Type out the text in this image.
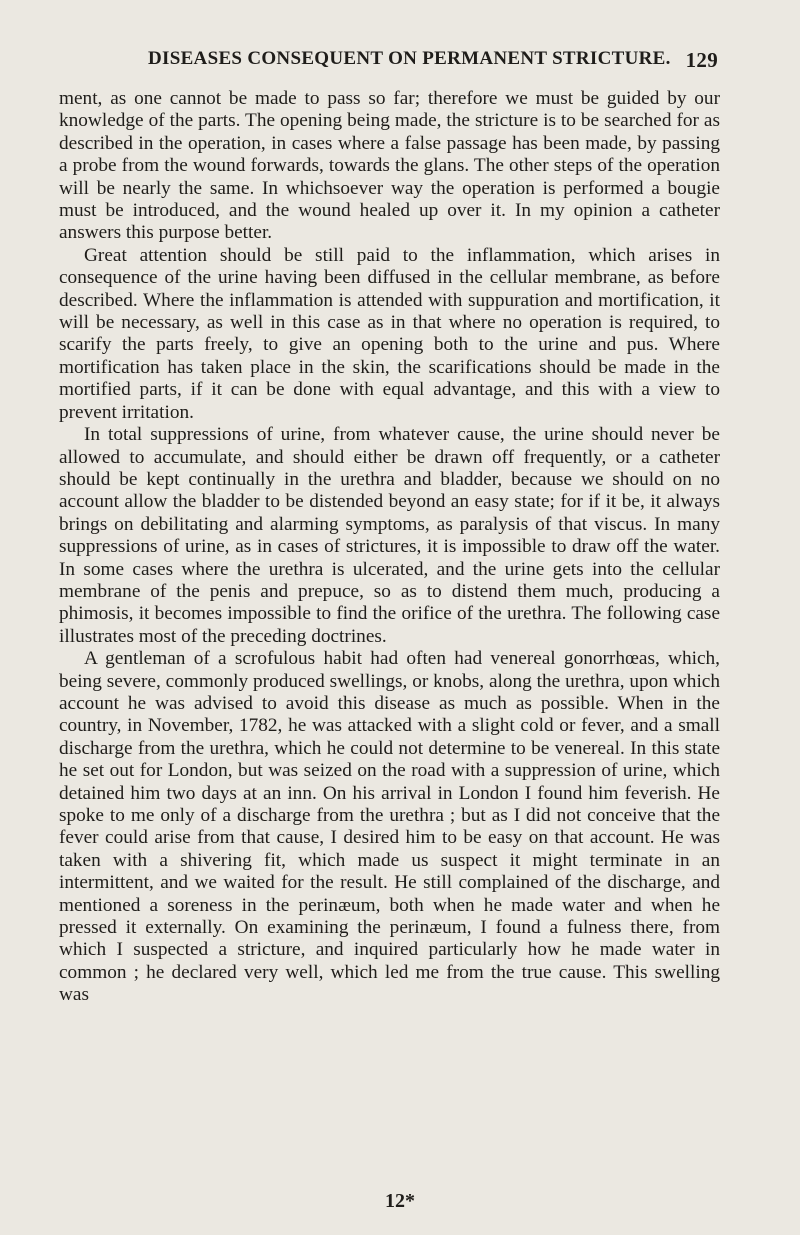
DISEASES CONSEQUENT ON PERMANENT STRICTURE. 129

ment, as one cannot be made to pass so far; therefore we must be guided by our knowledge of the parts. The opening being made, the stricture is to be searched for as described in the operation, in cases where a false passage has been made, by passing a probe from the wound forwards, towards the glans. The other steps of the operation will be nearly the same. In whichsoever way the operation is performed a bougie must be introduced, and the wound healed up over it. In my opinion a catheter answers this purpose better.

Great attention should be still paid to the inflammation, which arises in consequence of the urine having been diffused in the cellular membrane, as before described. Where the inflammation is attended with suppuration and mortification, it will be necessary, as well in this case as in that where no operation is required, to scarify the parts freely, to give an opening both to the urine and pus. Where mortification has taken place in the skin, the scarifications should be made in the mortified parts, if it can be done with equal advantage, and this with a view to prevent irritation.

In total suppressions of urine, from whatever cause, the urine should never be allowed to accumulate, and should either be drawn off frequently, or a catheter should be kept continually in the urethra and bladder, because we should on no account allow the bladder to be distended beyond an easy state; for if it be, it always brings on debilitating and alarming symptoms, as paralysis of that viscus. In many suppressions of urine, as in cases of strictures, it is impossible to draw off the water. In some cases where the urethra is ulcerated, and the urine gets into the cellular membrane of the penis and prepuce, so as to distend them much, producing a phimosis, it becomes impossible to find the orifice of the urethra. The following case illustrates most of the preceding doctrines.

A gentleman of a scrofulous habit had often had venereal gonorrhœas, which, being severe, commonly produced swellings, or knobs, along the urethra, upon which account he was advised to avoid this disease as much as possible. When in the country, in November, 1782, he was attacked with a slight cold or fever, and a small discharge from the urethra, which he could not determine to be venereal. In this state he set out for London, but was seized on the road with a suppression of urine, which detained him two days at an inn. On his arrival in London I found him feverish. He spoke to me only of a discharge from the urethra ; but as I did not conceive that the fever could arise from that cause, I desired him to be easy on that account. He was taken with a shivering fit, which made us suspect it might terminate in an intermittent, and we waited for the result. He still complained of the discharge, and mentioned a soreness in the perinæum, both when he made water and when he pressed it externally. On examining the perinæum, I found a fulness there, from which I suspected a stricture, and inquired particularly how he made water in common ; he declared very well, which led me from the true cause. This swelling was

12*
